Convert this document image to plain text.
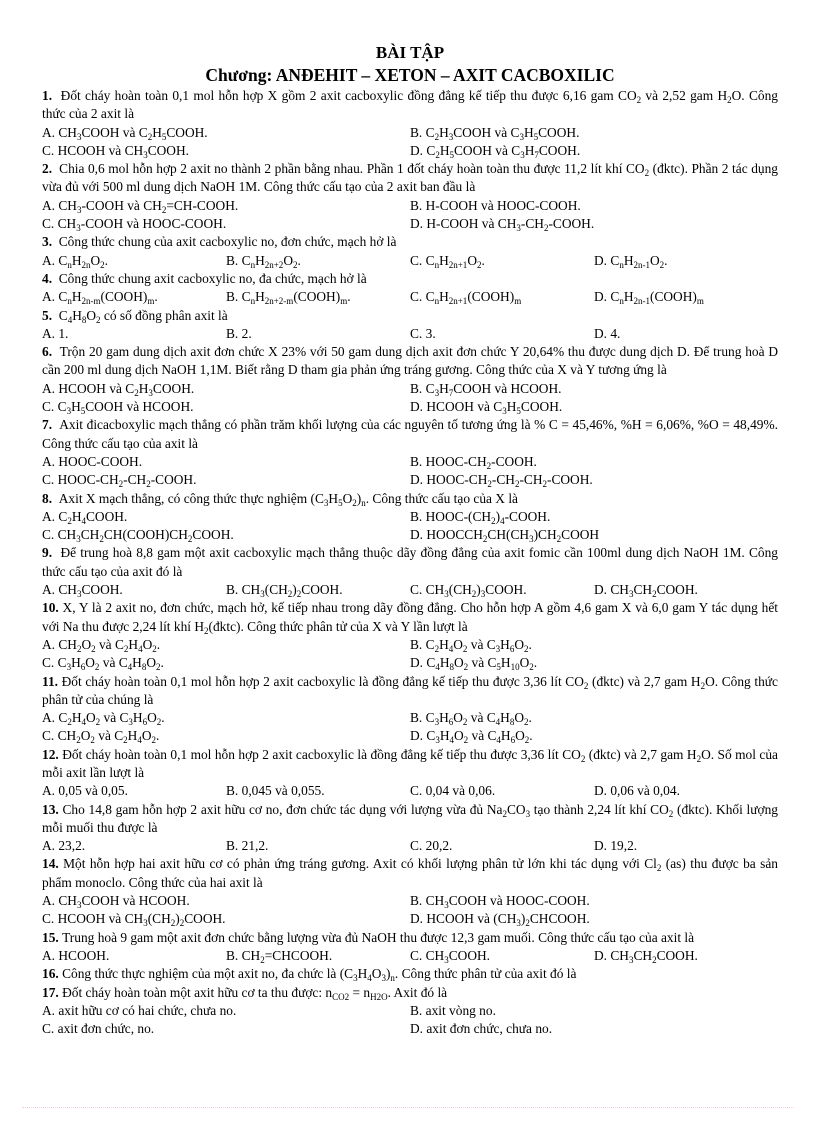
BÀI TẬP
Chương: ANĐEHIT – XETON – AXIT CACBOXILIC
1.  Đốt cháy hoàn toàn 0,1 mol hỗn hợp X gồm 2 axit cacboxylic đồng đẳng kế tiếp thu được 6,16 gam $CO_2$ và 2,52 gam $H_2O$. Công thức của 2 axit là
A. $CH_3COOH$ và $C_2H_5COOH$.	B. $C_2H_3COOH$ và $C_3H_5COOH$.
C. HCOOH và $CH_3COOH$.	D. $C_2H_5COOH$ và $C_3H_7COOH$.
2.  Chia 0,6 mol hỗn hợp 2 axit no thành 2 phần bằng nhau. Phần 1 đốt cháy hoàn toàn thu được 11,2 lít khí $CO_2$ (đktc). Phần 2 tác dụng vừa đủ với 500 ml dung dịch NaOH 1M. Công thức cấu tạo của 2 axit ban đầu là
A. $CH_3$-COOH và $CH_2=CH$-COOH.	B. H-COOH và HOOC-COOH.
C. $CH_3$-COOH và HOOC-COOH.	D. H-COOH và $CH_3-CH_2$-COOH.
3.  Công thức chung của axit cacboxylic no, đơn chức, mạch hở là
A. $C_nH_{2n}O_2$.	B. $C_nH_{2n+2}O_2$.	C. $C_nH_{2n+1}O_2$.	D. $C_nH_{2n-1}O_2$.
4.  Công thức chung axit cacboxylic no, đa chức, mạch hở là
A. $C_nH_{2n-m}(COOH)_m$.	B. $C_nH_{2n+2-m}(COOH)_m$.	C. $C_nH_{2n+1}(COOH)_m$	D. $C_nH_{2n-1}(COOH)_m$
5.  $C_4H_8O_2$ có số đồng phân axit là
A. 1.	B. 2.	C. 3.	D. 4.
6.  Trộn 20 gam dung dịch axit đơn chức X 23% với 50 gam dung dịch axit đơn chức Y 20,64% thu được dung dịch D. Để trung hoà D cần 200 ml dung dịch NaOH 1,1M. Biết rằng D tham gia phản ứng tráng gương. Công thức của X và Y tương ứng là
A. HCOOH và $C_2H_3COOH$.	B. $C_3H_7COOH$ và HCOOH.
C. $C_3H_5COOH$ và HCOOH.	D. HCOOH và $C_3H_5COOH$.
7.  Axit đicacboxylic mạch thẳng có phần trăm khối lượng của các nguyên tố tương ứng là % C = 45,46%, %H = 6,06%, %O = 48,49%. Công thức cấu tạo của axit là
A. HOOC-COOH.	B. HOOC-$CH_2$-COOH.
C. HOOC-$CH_2-CH_2$-COOH.	D. HOOC-$CH_2-CH_2-CH_2$-COOH.
8.  Axit X mạch thẳng, có công thức thực nghiệm $(C_3H_5O_2)_n$. Công thức cấu tạo của X là
A. $C_2H_4COOH$.	B. HOOC-$(CH_2)_4$-COOH.
C. $CH_3CH_2CH(COOH)CH_2COOH$.	D. $HOOCCH_2CH(CH_3)CH_2COOH$
9.  Để trung hoà 8,8 gam một axit cacboxylic mạch thẳng thuộc dãy đồng đẳng của axit fomic cần 100ml dung dịch NaOH 1M. Công thức cấu tạo của axit đó là
A. $CH_3COOH$.	B. $CH_3(CH_2)_2COOH$.	C. $CH_3(CH_2)_3COOH$.	D. $CH_3CH_2COOH$.
10. X, Y là 2 axit no, đơn chức, mạch hở, kế tiếp nhau trong dãy đồng đẳng. Cho hỗn hợp A gồm 4,6 gam X và 6,0 gam Y tác dụng hết với Na thu được 2,24 lít khí $H_2(đktc)$. Công thức phân tử của X và Y lần lượt là
A. $CH_2O_2$ và $C_2H_4O_2$.	B. $C_2H_4O_2$ và $C_3H_6O_2$.
C. $C_3H_6O_2$ và $C_4H_8O_2$.	D. $C_4H_8O_2$ và $C_5H_{10}O_2$.
11. Đốt cháy hoàn toàn 0,1 mol hỗn hợp 2 axit cacboxylic là đồng đẳng kế tiếp thu được 3,36 lít $CO_2$ (đktc) và 2,7 gam $H_2O$. Công thức phân tử của chúng là
A. $C_2H_4O_2$ và $C_3H_6O_2$.	B. $C_3H_6O_2$ và $C_4H_8O_2$.
C. $CH_2O_2$ và $C_2H_4O_2$.	D. $C_3H_4O_2$ và $C_4H_6O_2$.
12. Đốt cháy hoàn toàn 0,1 mol hỗn hợp 2 axit cacboxylic là đồng đẳng kế tiếp thu được 3,36 lít $CO_2$ (đktc) và 2,7 gam $H_2O$. Số mol của mỗi axit lần lượt là
A. 0,05 và 0,05.	B. 0,045 và 0,055.	C. 0,04 và 0,06.	D. 0,06 và 0,04.
13. Cho 14,8 gam hỗn hợp 2 axit hữu cơ no, đơn chức tác dụng với lượng vừa đủ $Na_2CO_3$ tạo thành 2,24 lít khí $CO_2$ (đktc). Khối lượng mỗi muối thu được là
A. 23,2.	B. 21,2.	C. 20,2.	D. 19,2.
14. Một hỗn hợp hai axit hữu cơ có phản ứng tráng gương. Axit có khối lượng phân tử lớn khi tác dụng với $Cl_2$ (as) thu được ba sản phẩm monoclo. Công thức của hai axit là
A. $CH_3COOH$ và HCOOH.	B. $CH_3COOH$ và HOOC-COOH.
C. HCOOH và $CH_3(CH_2)_2COOH$.	D. HCOOH và $(CH_3)_2CHCOOH$.
15. Trung hoà 9 gam một axit đơn chức bằng lượng vừa đủ NaOH thu được 12,3 gam muối. Công thức cấu tạo của axit là
A. HCOOH.	B. $CH_2=CHCOOH$.	C. $CH_3COOH$.	D. $CH_3CH_2COOH$.
16. Công thức thực nghiệm của một axit no, đa chức là $(C_3H_4O_3)_n$. Công thức phân tử của axit đó là
17. Đốt cháy hoàn toàn một axit hữu cơ ta thu được: $n_{CO2} = n_{H2O}$. Axit đó là
A. axit hữu cơ có hai chức, chưa no.	B. axit vòng no.
C. axit đơn chức, no.	D. axit đơn chức, chưa no.
